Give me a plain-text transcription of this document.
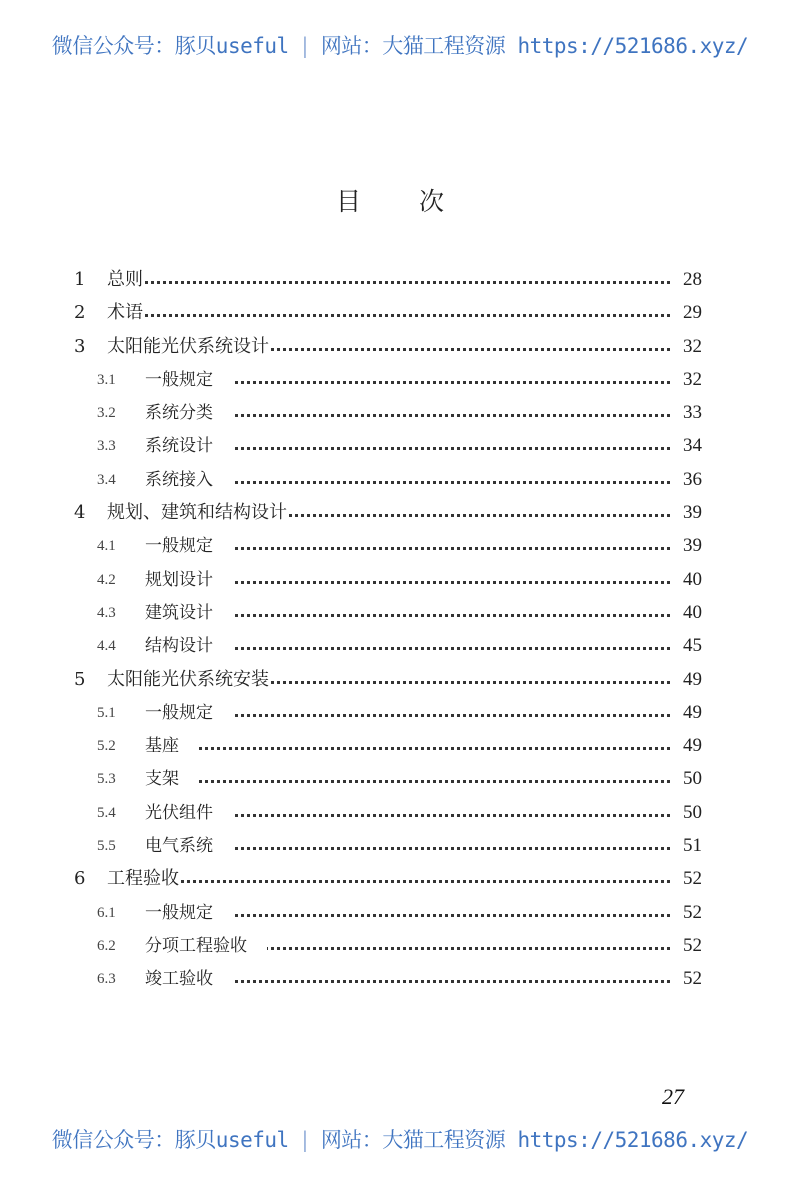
微信公众号：豚贝useful | 网站：大猫工程资源 https://521686.xyz/
目次
1 总则	28
2 术语	29
3 太阳能光伏系统设计	32
3.1 一般规定	32
3.2 系统分类	33
3.3 系统设计	34
3.4 系统接入	36
4 规划、建筑和结构设计	39
4.1 一般规定	39
4.2 规划设计	40
4.3 建筑设计	40
4.4 结构设计	45
5 太阳能光伏系统安装	49
5.1 一般规定	49
5.2 基座	49
5.3 支架	50
5.4 光伏组件	50
5.5 电气系统	51
6 工程验收	52
6.1 一般规定	52
6.2 分项工程验收	52
6.3 竣工验收	52
27
微信公众号：豚贝useful | 网站：大猫工程资源 https://521686.xyz/
